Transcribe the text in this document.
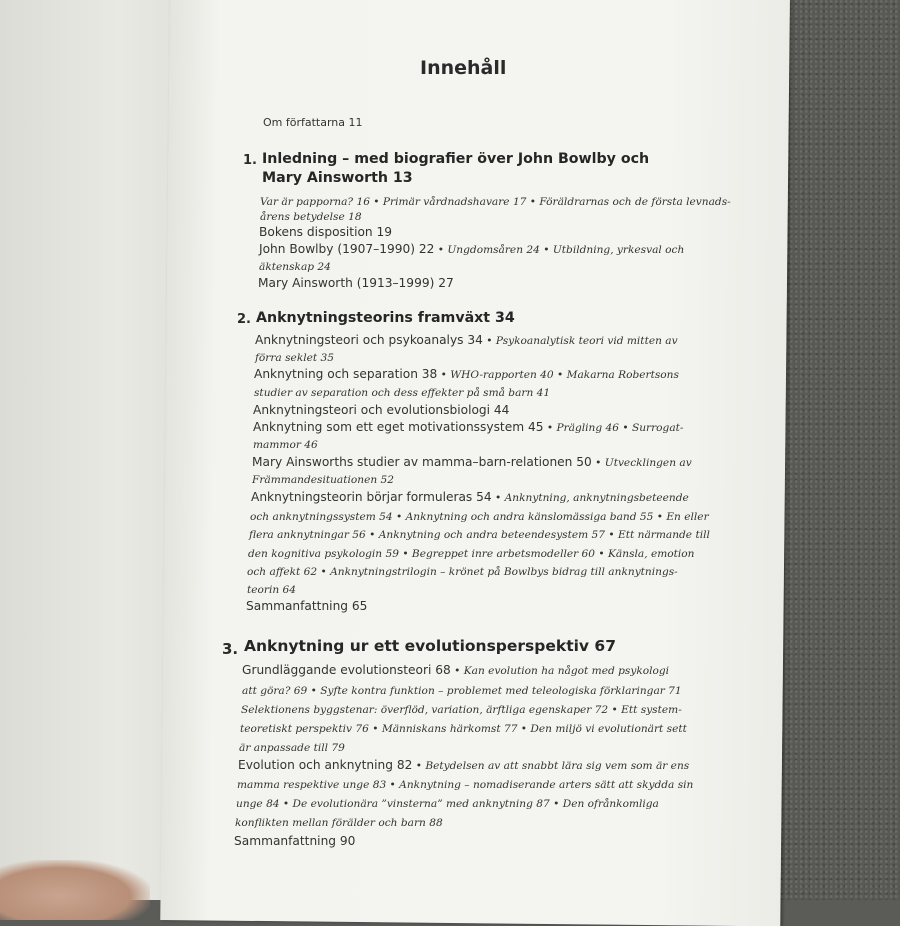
Innehåll
Om författarna 11
1. Inledning – med biografier över John Bowlby och
Mary Ainsworth 13
Var är papporna? 16 • Primär vårdnadshavare 17 • Föräldrarnas och de första levnads-
årens betydelse 18
Bokens disposition 19
John Bowlby (1907–1990) 22 • Ungdomsåren 24 • Utbildning, yrkesval och
äktenskap 24
Mary Ainsworth (1913–1999) 27
2. Anknytningsteorins framväxt 34
Anknytningsteori och psykoanalys 34 • Psykoanalytisk teori vid mitten av
förra seklet 35
Anknytning och separation 38 • WHO-rapporten 40 • Makarna Robertsons
studier av separation och dess effekter på små barn 41
Anknytningsteori och evolutionsbiologi 44
Anknytning som ett eget motivationssystem 45 • Prägling 46 • Surrogat-
mammor 46
Mary Ainsworths studier av mamma–barn-relationen 50 • Utvecklingen av
Främmandesituationen 52
Anknytningsteorin börjar formuleras 54 • Anknytning, anknytningsbeteende
och anknytningssystem 54 • Anknytning och andra känslomässiga band 55 • En eller
flera anknytningar 56 • Anknytning och andra beteendesystem 57 • Ett närmande till
den kognitiva psykologin 59 • Begreppet inre arbetsmodeller 60 • Känsla, emotion
och affekt 62 • Anknytningstrilogin – krönet på Bowlbys bidrag till anknytnings-
teorin 64
Sammanfattning 65
3. Anknytning ur ett evolutionsperspektiv 67
Grundläggande evolutionsteori 68 • Kan evolution ha något med psykologi
att göra? 69 • Syfte kontra funktion – problemet med teleologiska förklaringar 71
Selektionens byggstenar: överflöd, variation, ärftliga egenskaper 72 • Ett system-
teoretiskt perspektiv 76 • Människans härkomst 77 • Den miljö vi evolutionärt sett
är anpassade till 79
Evolution och anknytning 82 • Betydelsen av att snabbt lära sig vem som är ens
mamma respektive unge 83 • Anknytning – nomadiserande arters sätt att skydda sin
unge 84 • De evolutionära ”vinsterna” med anknytning 87 • Den ofrånkomliga
konflikten mellan förälder och barn 88
Sammanfattning 90
